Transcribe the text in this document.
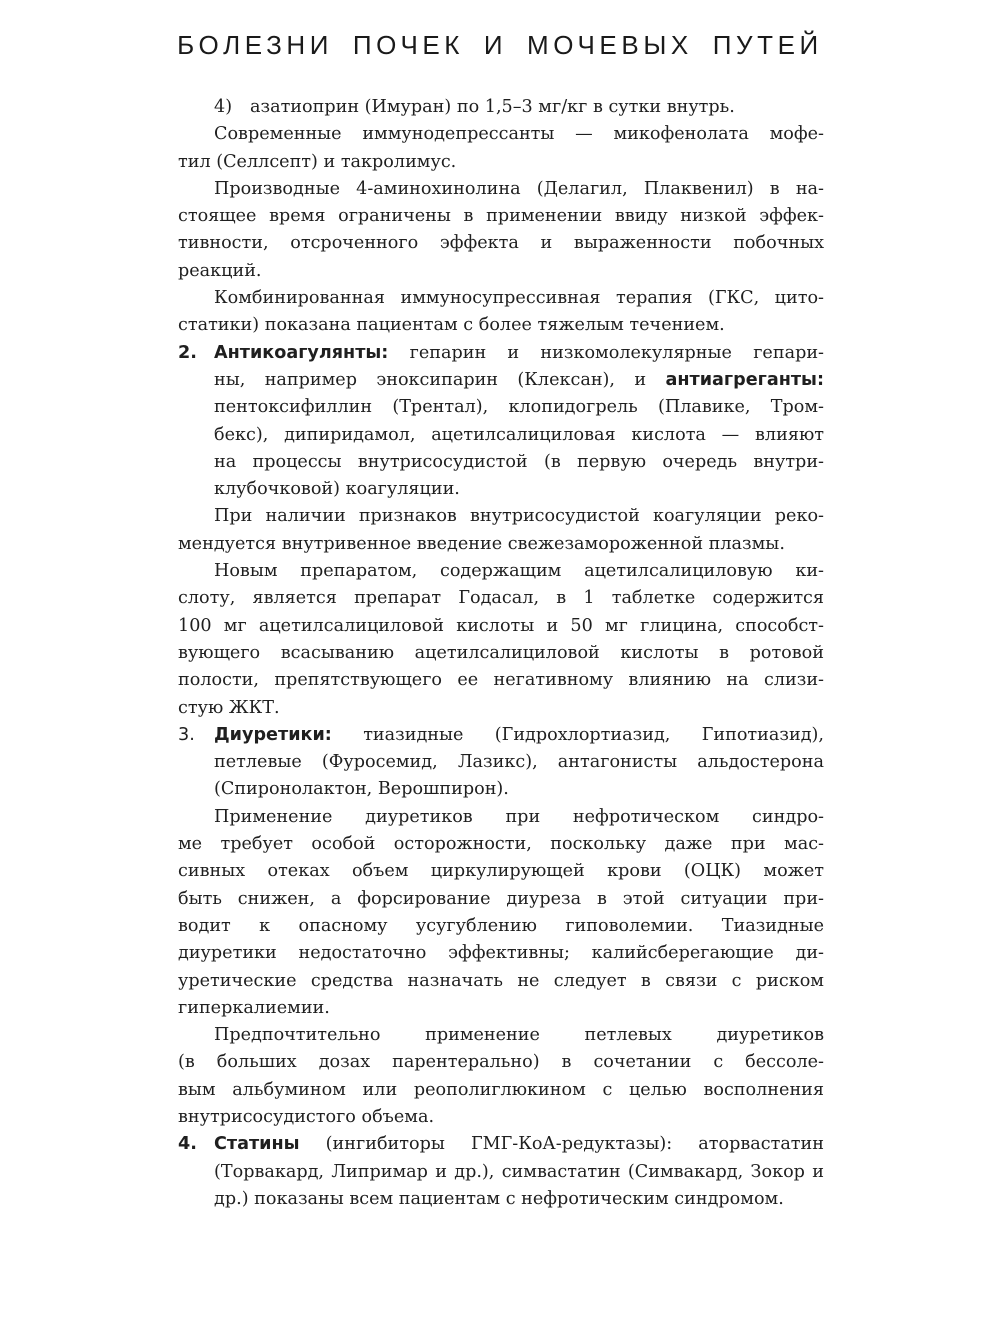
БОЛЕЗНИ ПОЧЕК И МОЧЕВЫХ ПУТЕЙ
4) азатиоприн (Имуран) по 1,5–3 мг/кг в сутки внутрь.
Современные иммунодепрессанты — микофенолата мофе-
тил (Селлсепт) и такролимус.
Производные 4-аминохинолина (Делагил, Плаквенил) в на-
стоящее время ограничены в применении ввиду низкой эффек-
тивности, отсроченного эффекта и выраженности побочных
реакций.
Комбинированная иммуносупрессивная терапия (ГКС, цито-
статики) показана пациентам с более тяжелым течением.
2. Антикоагулянты: гепарин и низкомолекулярные гепари-
ны, например эноксипарин (Клексан), и антиагреганты:
пентоксифиллин (Трентал), клопидогрель (Плавике, Тром-
бекс), дипиридамол, ацетилсалициловая кислота — влияют
на процессы внутрисосудистой (в первую очередь внутри-
клубочковой) коагуляции.
При наличии признаков внутрисосудистой коагуляции реко-
мендуется внутривенное введение свежезамороженной плазмы.
Новым препаратом, содержащим ацетилсалициловую ки-
слоту, является препарат Годасал, в 1 таблетке содержится
100 мг ацетилсалициловой кислоты и 50 мг глицина, способст-
вующего всасыванию ацетилсалициловой кислоты в ротовой
полости, препятствующего ее негативному влиянию на слизи-
стую ЖКТ.
3. Диуретики: тиазидные (Гидрохлортиазид, Гипотиазид),
петлевые (Фуросемид, Лазикс), антагонисты альдостерона
(Спиронолактон, Верошпирон).
Применение диуретиков при нефротическом синдро-
ме требует особой осторожности, поскольку даже при мас-
сивных отеках объем циркулирующей крови (ОЦК) может
быть снижен, а форсирование диуреза в этой ситуации при-
водит к опасному усугублению гиповолемии. Тиазидные
диуретики недостаточно эффективны; калийсберегающие ди-
уретические средства назначать не следует в связи с риском
гиперкалиемии.
Предпочтительно применение петлевых диуретиков
(в больших дозах парентерально) в сочетании с бессоле-
вым альбумином или реополиглюкином с целью восполнения
внутрисосудистого объема.
4. Статины (ингибиторы ГМГ-КоА-редуктазы): аторвастатин
(Торвакард, Липримар и др.), симвастатин (Симвакард, Зокор и
др.) показаны всем пациентам с нефротическим синдромом.
